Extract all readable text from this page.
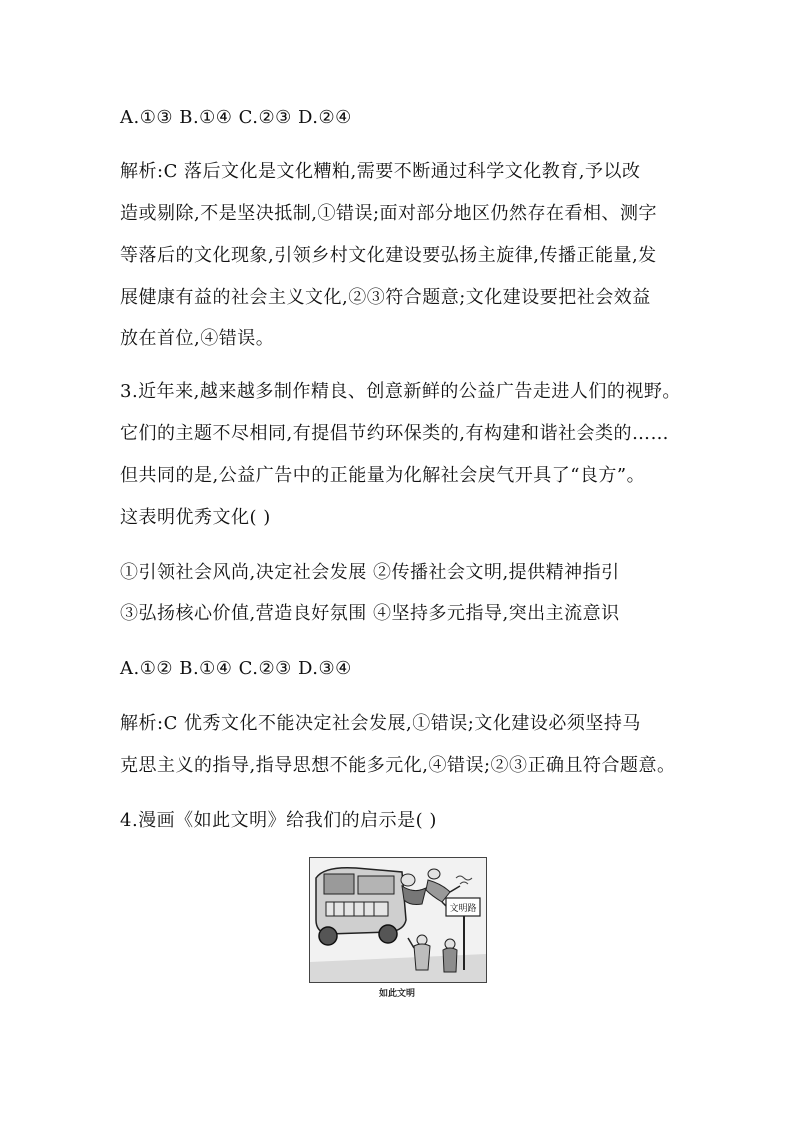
A.①③ B.①④ C.②③ D.②④
解析:C 落后文化是文化糟粕,需要不断通过科学文化教育,予以改
造或剔除,不是坚决抵制,①错误;面对部分地区仍然存在看相、测字
等落后的文化现象,引领乡村文化建设要弘扬主旋律,传播正能量,发
展健康有益的社会主义文化,②③符合题意;文化建设要把社会效益
放在首位,④错误。
3.近年来,越来越多制作精良、创意新鲜的公益广告走进人们的视野。
它们的主题不尽相同,有提倡节约环保类的,有构建和谐社会类的……
但共同的是,公益广告中的正能量为化解社会戾气开具了“良方”。
这表明优秀文化( )
①引领社会风尚,决定社会发展 ②传播社会文明,提供精神指引
③弘扬核心价值,营造良好氛围 ④坚持多元指导,突出主流意识
A.①② B.①④ C.②③ D.③④
解析:C 优秀文化不能决定社会发展,①错误;文化建设必须坚持马
克思主义的指导,指导思想不能多元化,④错误;②③正确且符合题意。
4.漫画《如此文明》给我们的启示是( )
文明路
如此文明
